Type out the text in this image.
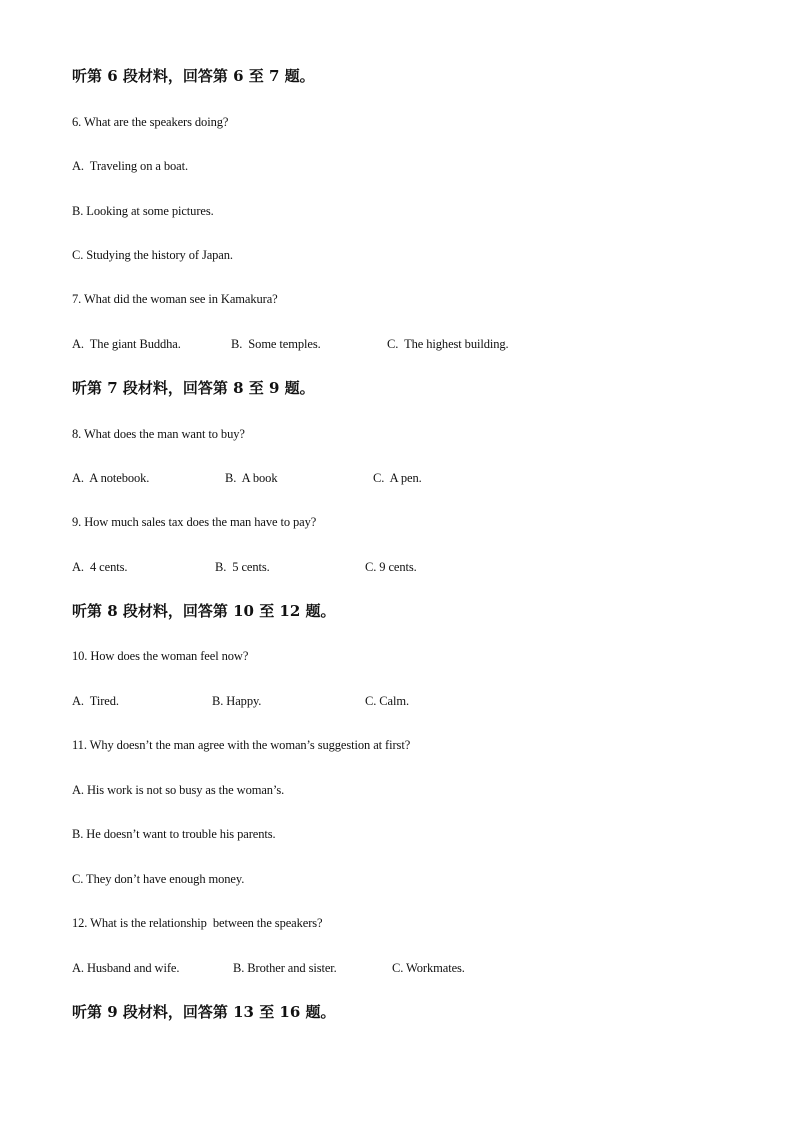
听第 6 段材料，回答第 6 至 7 题。
6. What are the speakers doing?
A.  Traveling on a boat.
B. Looking at some pictures.
C. Studying the history of Japan.
7. What did the woman see in Kamakura?
A.  The giant Buddha.	B.  Some temples.	C.  The highest building.
听第 7 段材料，回答第 8 至 9 题。
8. What does the man want to buy?
A.  A notebook.	B.  A book	C.  A pen.
9. How much sales tax does the man have to pay?
A.  4 cents.	B.  5 cents.	C. 9 cents.
听第 8 段材料，回答第 10 至 12 题。
10. How does the woman feel now?
A.  Tired.	B. Happy.	C. Calm.
11. Why doesn’t the man agree with the woman’s suggestion at first?
A. His work is not so busy as the woman’s.
B. He doesn’t want to trouble his parents.
C. They don’t have enough money.
12. What is the relationship  between the speakers?
A. Husband and wife.	B. Brother and sister.	C. Workmates.
听第 9 段材料，回答第 13 至 16 题。
